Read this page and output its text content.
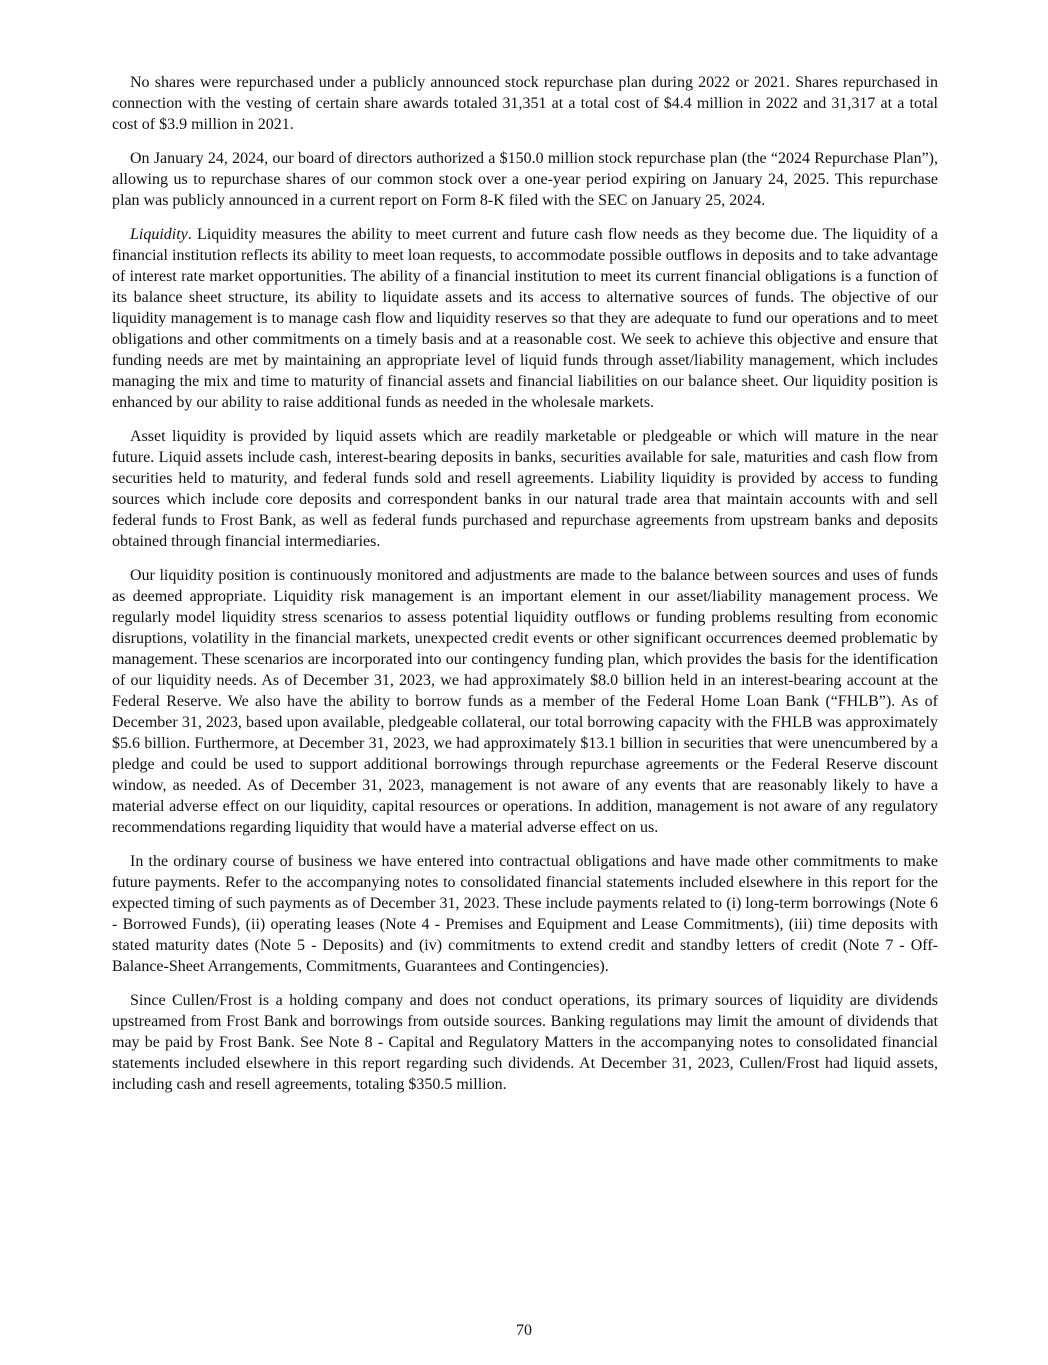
No shares were repurchased under a publicly announced stock repurchase plan during 2022 or 2021. Shares repurchased in connection with the vesting of certain share awards totaled 31,351 at a total cost of $4.4 million in 2022 and 31,317 at a total cost of $3.9 million in 2021.

On January 24, 2024, our board of directors authorized a $150.0 million stock repurchase plan (the “2024 Repurchase Plan”), allowing us to repurchase shares of our common stock over a one-year period expiring on January 24, 2025. This repurchase plan was publicly announced in a current report on Form 8-K filed with the SEC on January 25, 2024.

Liquidity. Liquidity measures the ability to meet current and future cash flow needs as they become due. The liquidity of a financial institution reflects its ability to meet loan requests, to accommodate possible outflows in deposits and to take advantage of interest rate market opportunities. The ability of a financial institution to meet its current financial obligations is a function of its balance sheet structure, its ability to liquidate assets and its access to alternative sources of funds. The objective of our liquidity management is to manage cash flow and liquidity reserves so that they are adequate to fund our operations and to meet obligations and other commitments on a timely basis and at a reasonable cost. We seek to achieve this objective and ensure that funding needs are met by maintaining an appropriate level of liquid funds through asset/liability management, which includes managing the mix and time to maturity of financial assets and financial liabilities on our balance sheet. Our liquidity position is enhanced by our ability to raise additional funds as needed in the wholesale markets.

Asset liquidity is provided by liquid assets which are readily marketable or pledgeable or which will mature in the near future. Liquid assets include cash, interest-bearing deposits in banks, securities available for sale, maturities and cash flow from securities held to maturity, and federal funds sold and resell agreements. Liability liquidity is provided by access to funding sources which include core deposits and correspondent banks in our natural trade area that maintain accounts with and sell federal funds to Frost Bank, as well as federal funds purchased and repurchase agreements from upstream banks and deposits obtained through financial intermediaries.

Our liquidity position is continuously monitored and adjustments are made to the balance between sources and uses of funds as deemed appropriate. Liquidity risk management is an important element in our asset/liability management process. We regularly model liquidity stress scenarios to assess potential liquidity outflows or funding problems resulting from economic disruptions, volatility in the financial markets, unexpected credit events or other significant occurrences deemed problematic by management. These scenarios are incorporated into our contingency funding plan, which provides the basis for the identification of our liquidity needs. As of December 31, 2023, we had approximately $8.0 billion held in an interest-bearing account at the Federal Reserve. We also have the ability to borrow funds as a member of the Federal Home Loan Bank (“FHLB”). As of December 31, 2023, based upon available, pledgeable collateral, our total borrowing capacity with the FHLB was approximately $5.6 billion. Furthermore, at December 31, 2023, we had approximately $13.1 billion in securities that were unencumbered by a pledge and could be used to support additional borrowings through repurchase agreements or the Federal Reserve discount window, as needed. As of December 31, 2023, management is not aware of any events that are reasonably likely to have a material adverse effect on our liquidity, capital resources or operations. In addition, management is not aware of any regulatory recommendations regarding liquidity that would have a material adverse effect on us.

In the ordinary course of business we have entered into contractual obligations and have made other commitments to make future payments. Refer to the accompanying notes to consolidated financial statements included elsewhere in this report for the expected timing of such payments as of December 31, 2023. These include payments related to (i) long-term borrowings (Note 6 - Borrowed Funds), (ii) operating leases (Note 4 - Premises and Equipment and Lease Commitments), (iii) time deposits with stated maturity dates (Note 5 - Deposits) and (iv) commitments to extend credit and standby letters of credit (Note 7 - Off-Balance-Sheet Arrangements, Commitments, Guarantees and Contingencies).

Since Cullen/Frost is a holding company and does not conduct operations, its primary sources of liquidity are dividends upstreamed from Frost Bank and borrowings from outside sources. Banking regulations may limit the amount of dividends that may be paid by Frost Bank. See Note 8 - Capital and Regulatory Matters in the accompanying notes to consolidated financial statements included elsewhere in this report regarding such dividends. At December 31, 2023, Cullen/Frost had liquid assets, including cash and resell agreements, totaling $350.5 million.

70
